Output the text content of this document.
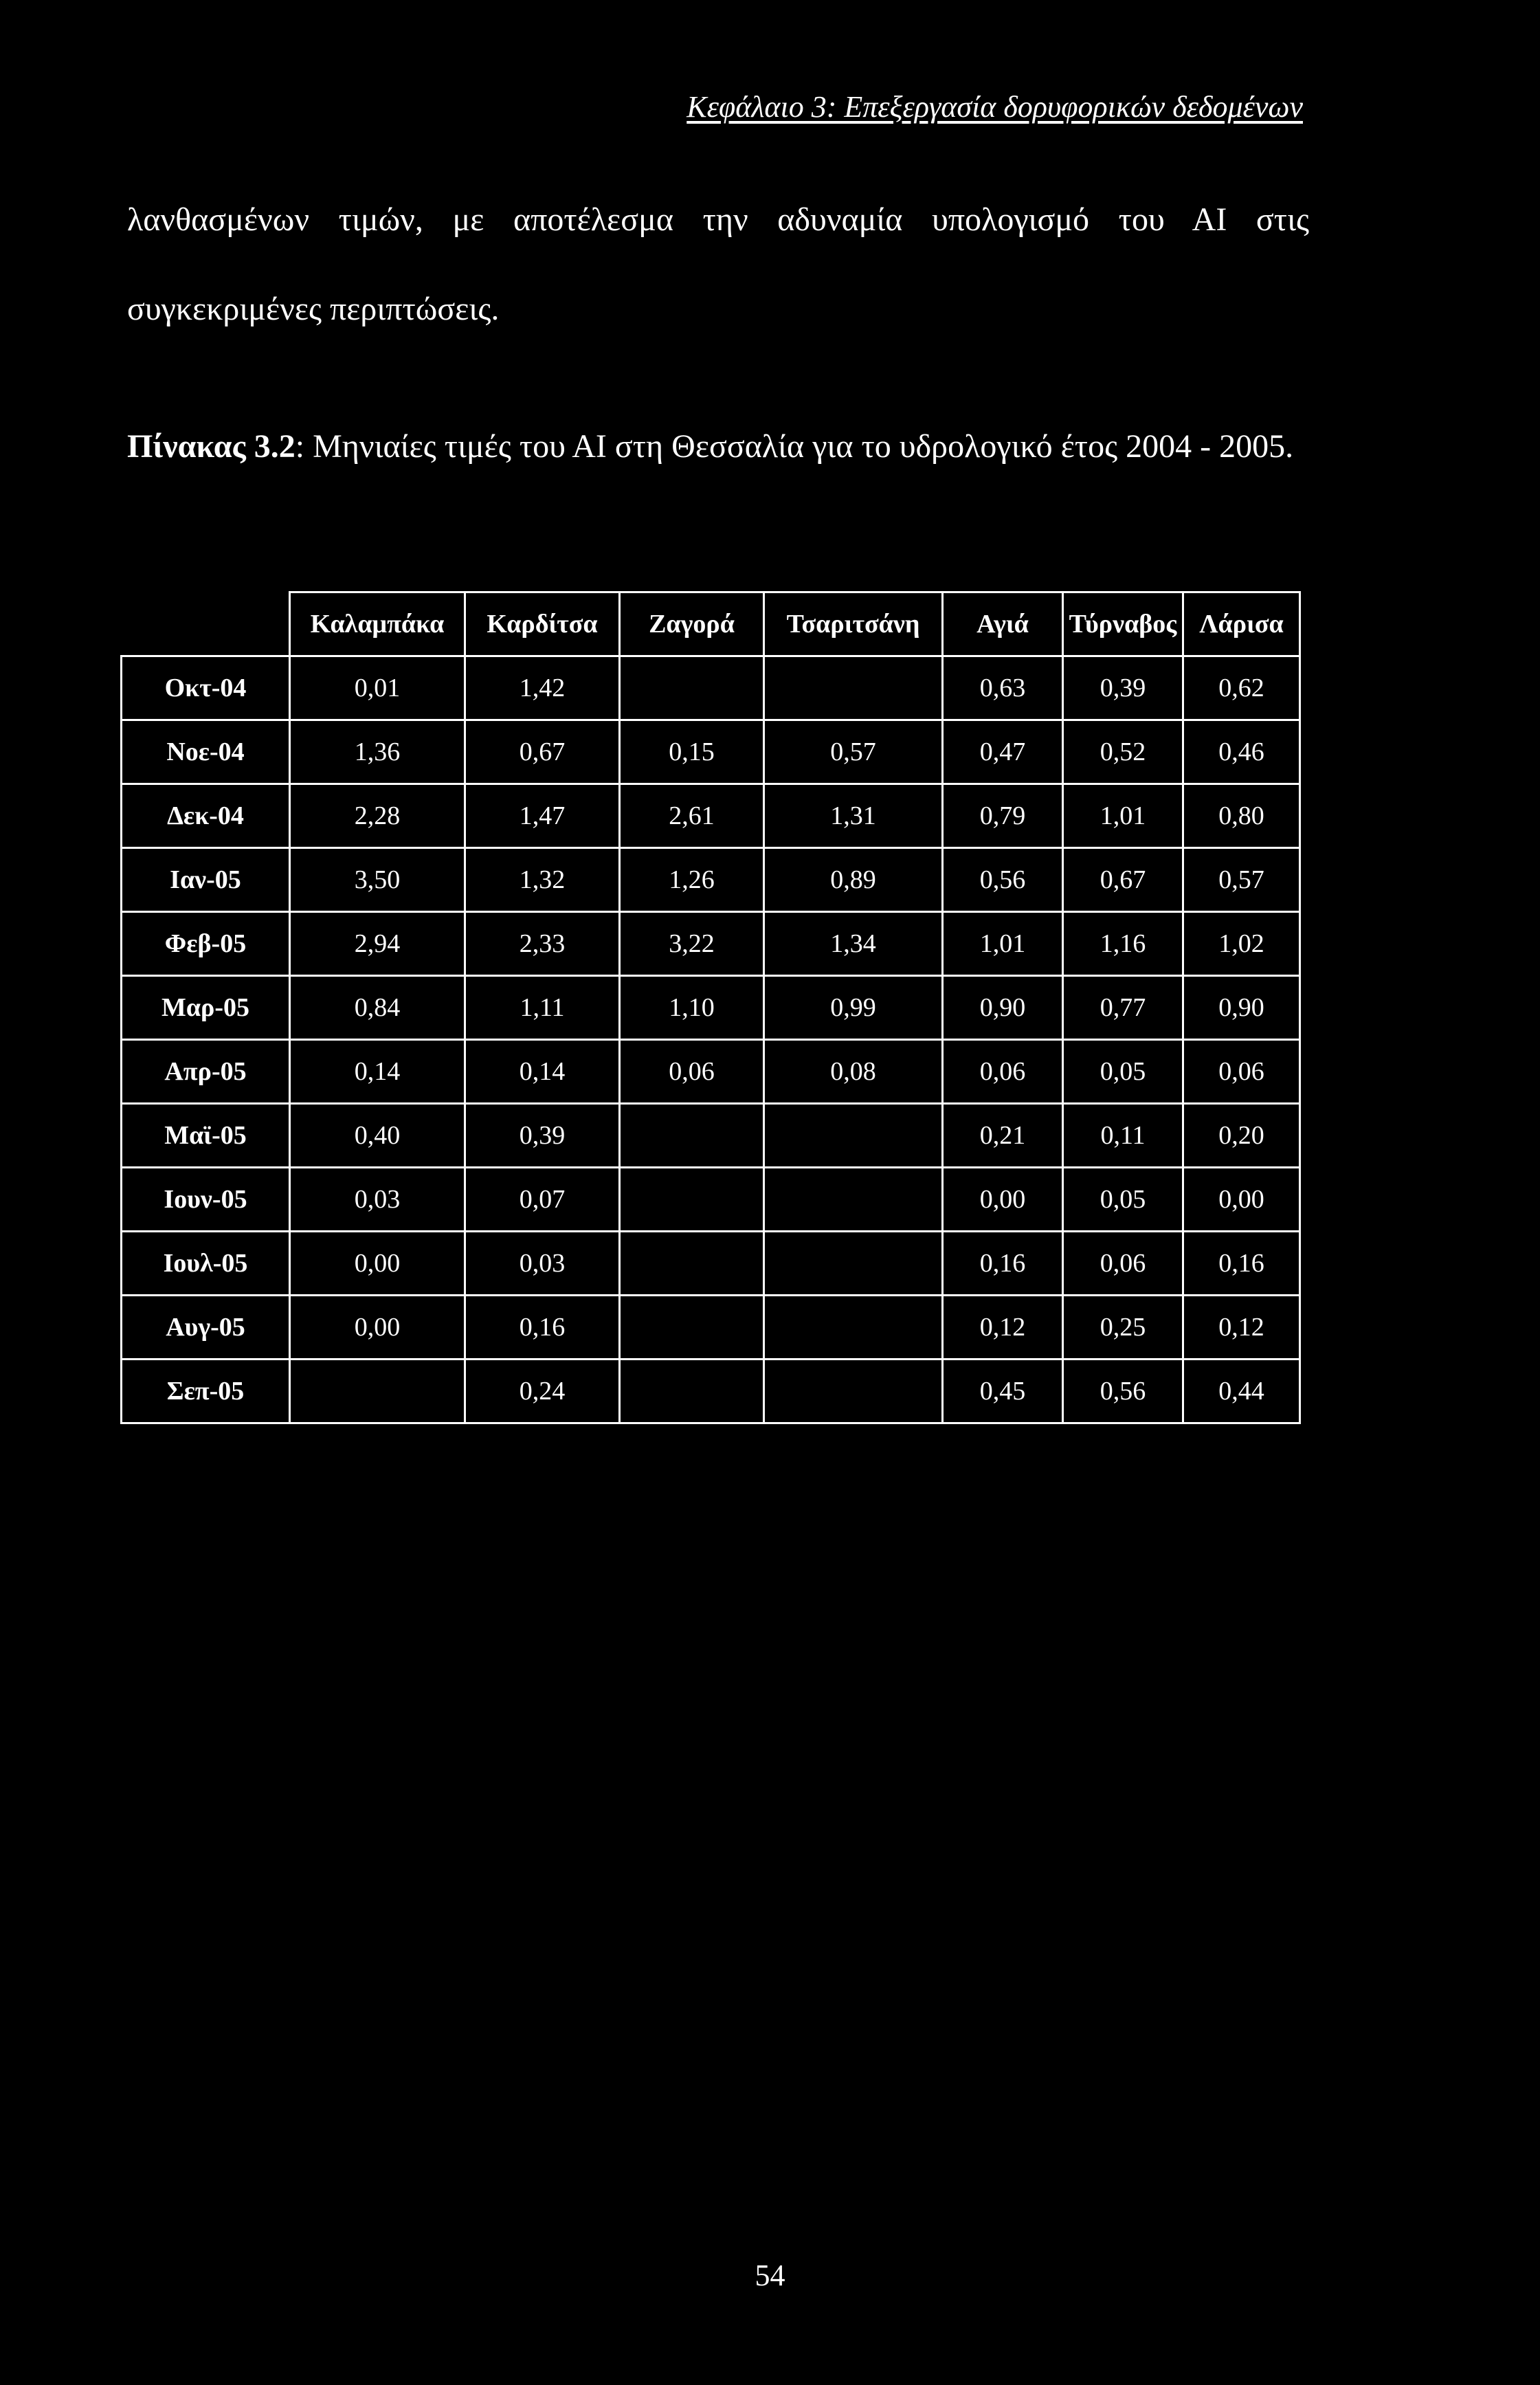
Κεφάλαιο 3: Επεξεργασία δορυφορικών δεδομένων
λανθασμένων τιμών, με αποτέλεσμα την αδυναμία υπολογισμό του ΑΙ στις συγκεκριμένες περιπτώσεις.
Πίνακας 3.2: Μηνιαίες τιμές του ΑΙ στη Θεσσαλία για το υδρολογικό έτος 2004 - 2005.
	Καλαμπάκα	Καρδίτσα	Ζαγορά	Τσαριτσάνη	Αγιά	Τύρναβος	Λάρισα
Οκτ-04	0,01	1,42			0,63	0,39	0,62
Νοε-04	1,36	0,67	0,15	0,57	0,47	0,52	0,46
Δεκ-04	2,28	1,47	2,61	1,31	0,79	1,01	0,80
Ιαν-05	3,50	1,32	1,26	0,89	0,56	0,67	0,57
Φεβ-05	2,94	2,33	3,22	1,34	1,01	1,16	1,02
Μαρ-05	0,84	1,11	1,10	0,99	0,90	0,77	0,90
Απρ-05	0,14	0,14	0,06	0,08	0,06	0,05	0,06
Μαϊ-05	0,40	0,39			0,21	0,11	0,20
Ιουν-05	0,03	0,07			0,00	0,05	0,00
Ιουλ-05	0,00	0,03			0,16	0,06	0,16
Αυγ-05	0,00	0,16			0,12	0,25	0,12
Σεπ-05		0,24			0,45	0,56	0,44
54
